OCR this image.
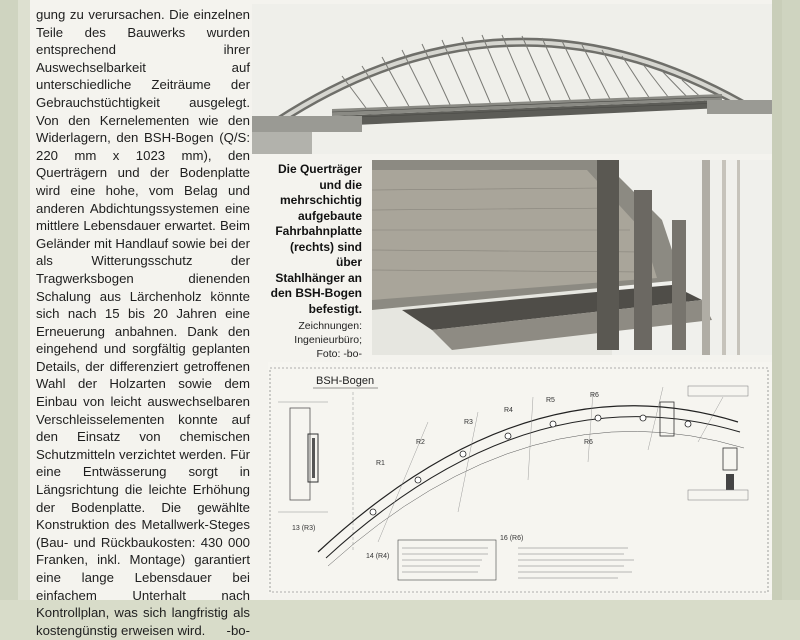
gung zu verursachen. Die einzelnen Teile des Bauwerks wurden entsprechend ihrer Auswechselbarkeit auf unterschiedliche Zeiträume der Gebrauchstüchtigkeit ausgelegt. Von den Kernelementen wie den Widerlagern, den BSH-Bogen (Q/S: 220 mm x 1023 mm), den Querträgern und der Bodenplatte wird eine hohe, vom Belag und anderen Abdichtungssystemen eine mittlere Lebensdauer erwartet. Beim Geländer mit Handlauf sowie bei der als Witterungsschutz der Tragwerksbogen dienenden Schalung aus Lärchenholz könnte sich nach 15 bis 20 Jahren eine Erneuerung anbahnen. Dank den eingehend und sorgfältig geplanten Details, der differenziert getroffenen Wahl der Holzarten sowie dem Einbau von leicht auswechselbaren Verschleisselementen konnte auf den Einsatz von chemischen Schutzmitteln verzichtet werden. Für eine Entwässerung sorgt in Längsrichtung die leichte Erhöhung der Bodenplatte. Die gewählte Konstruktion des Metallwerk-Steges (Bau- und Rückbaukosten: 430 000 Franken, inkl. Montage) garantiert eine lange Lebensdauer bei einfachem Unterhalt nach Kontrollplan, was sich langfristig als kostengünstig erweisen wird.	-bo-

Die Querträger und die mehrschichtig aufgebaute Fahrbahnplatte (rechts) sind über Stahlhänger an den BSH-Bogen befestigt.
Zeichnungen:
Ingenieurbüro;
Foto: -bo-
BSH-Bogen
R1
R2
R3
R4
R5
R6
R6
13 (R3)
14 (R4)
16 (R6)
